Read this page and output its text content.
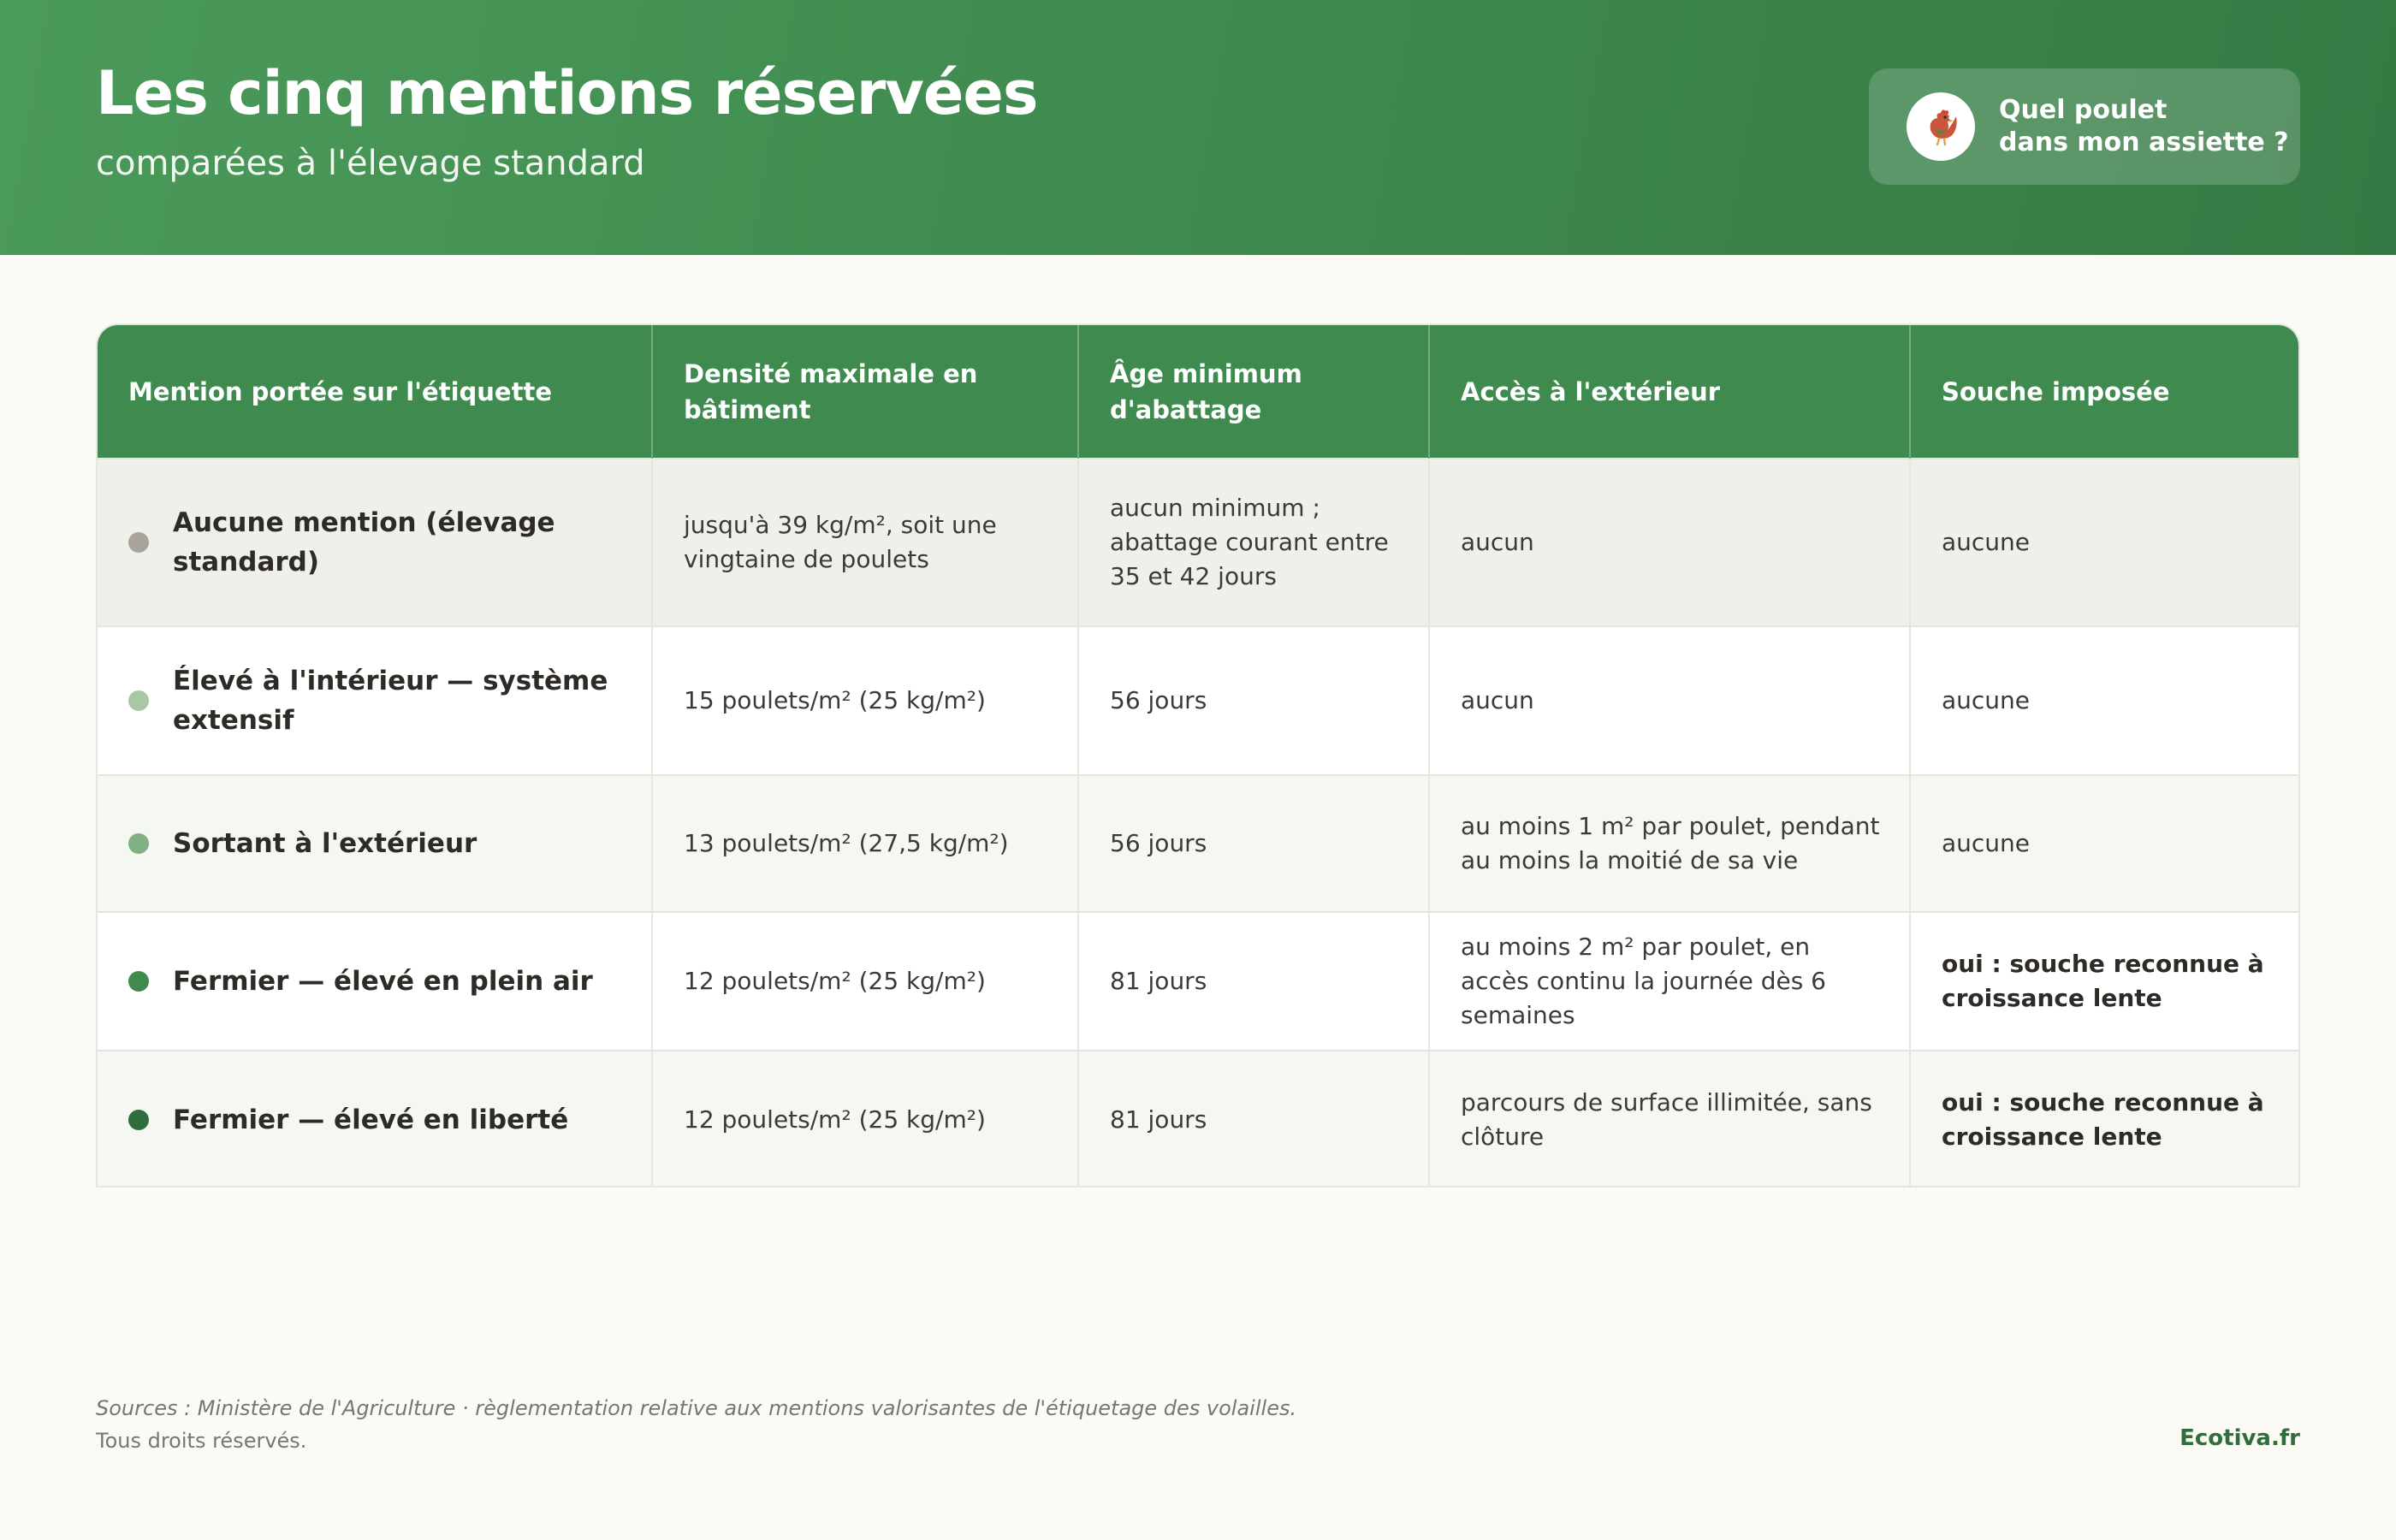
Les cinq mentions réservées
comparées à l'élevage standard
Quel poulet
dans mon assiette ?
Mention portée sur l'étiquette	Densité maximale en bâtiment	Âge minimum d'abattage	Accès à l'extérieur	Souche imposée

Aucune mention (élevage standard)	jusqu'à 39 kg/m², soit une vingtaine de poulets	aucun minimum ; abattage courant entre 35 et 42 jours	aucun	aucune

Élevé à l'intérieur — système extensif	15 poulets/m² (25 kg/m²)	56 jours	aucun	aucune

Sortant à l'extérieur	13 poulets/m² (27,5 kg/m²)	56 jours	au moins 1 m² par poulet, pendant au moins la moitié de sa vie	aucune

Fermier — élevé en plein air	12 poulets/m² (25 kg/m²)	81 jours	au moins 2 m² par poulet, en accès continu la journée dès 6 semaines	oui : souche reconnue à croissance lente

Fermier — élevé en liberté	12 poulets/m² (25 kg/m²)	81 jours	parcours de surface illimitée, sans clôture	oui : souche reconnue à croissance lente
Sources : Ministère de l'Agriculture · règlementation relative aux mentions valorisantes de l'étiquetage des volailles.
Tous droits réservés.	Ecotiva.fr
